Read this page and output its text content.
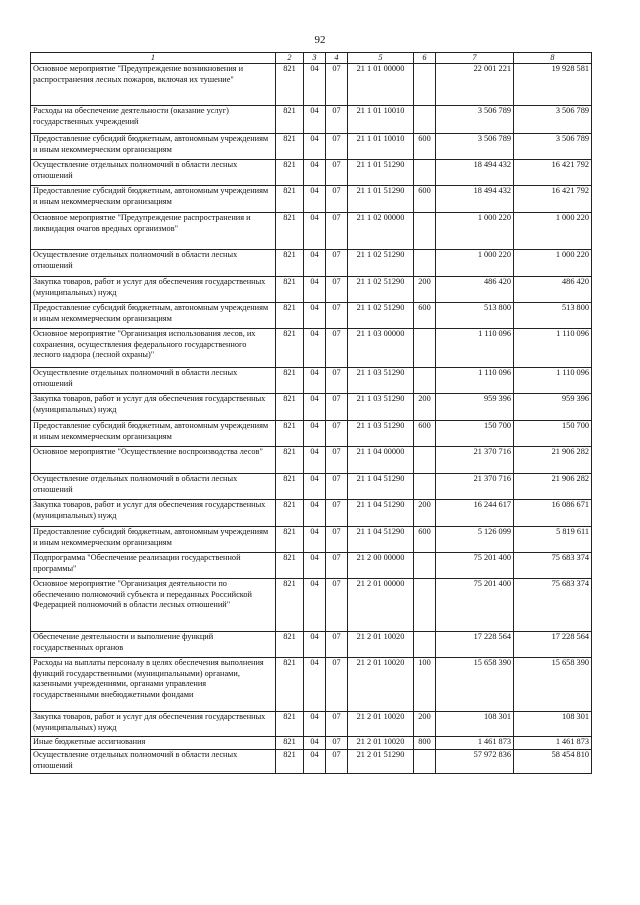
92
1	2	3	4	5	6	7	8
Основное мероприятие "Предупреждение возникновения и распространения лесных пожаров, включая их тушение"	821	04	07	21 1 01 00000		22 001 221	19 928 581
Расходы на обеспечение деятельности (оказание услуг) государственных учреждений	821	04	07	21 1 01 10010		3 506 789	3 506 789
Предоставление субсидий бюджетным, автономным учреждениям и иным некоммерческим организациям	821	04	07	21 1 01 10010	600	3 506 789	3 506 789
Осуществление отдельных полномочий в области лесных отношений	821	04	07	21 1 01 51290		18 494 432	16 421 792
Предоставление субсидий бюджетным, автономным учреждениям и иным некоммерческим организациям	821	04	07	21 1 01 51290	600	18 494 432	16 421 792
Основное мероприятие "Предупреждение распространения и ликвидация очагов вредных организмов"	821	04	07	21 1 02 00000		1 000 220	1 000 220
Осуществление отдельных полномочий в области лесных отношений	821	04	07	21 1 02 51290		1 000 220	1 000 220
Закупка товаров, работ и услуг для обеспечения государственных (муниципальных) нужд	821	04	07	21 1 02 51290	200	486 420	486 420
Предоставление субсидий бюджетным, автономным учреждениям и иным некоммерческим организациям	821	04	07	21 1 02 51290	600	513 800	513 800
Основное мероприятие "Организация использования лесов, их сохранения, осуществления федерального государственного лесного надзора (лесной охраны)"	821	04	07	21 1 03 00000		1 110 096	1 110 096
Осуществление отдельных полномочий в области лесных отношений	821	04	07	21 1 03 51290		1 110 096	1 110 096
Закупка товаров, работ и услуг для обеспечения государственных (муниципальных) нужд	821	04	07	21 1 03 51290	200	959 396	959 396
Предоставление субсидий бюджетным, автономным учреждениям и иным некоммерческим организациям	821	04	07	21 1 03 51290	600	150 700	150 700
Основное мероприятие "Осуществление воспроизводства лесов"	821	04	07	21 1 04 00000		21 370 716	21 906 282
Осуществление отдельных полномочий в области лесных отношений	821	04	07	21 1 04 51290		21 370 716	21 906 282
Закупка товаров, работ и услуг для обеспечения государственных (муниципальных) нужд	821	04	07	21 1 04 51290	200	16 244 617	16 086 671
Предоставление субсидий бюджетным, автономным учреждениям и иным некоммерческим организациям	821	04	07	21 1 04 51290	600	5 126 099	5 819 611
Подпрограмма "Обеспечение реализации государственной программы"	821	04	07	21 2 00 00000		75 201 400	75 683 374
Основное мероприятие "Организация деятельности по обеспечению полномочий субъекта и переданных Российской Федерацией полномочий в области лесных отношений"	821	04	07	21 2 01 00000		75 201 400	75 683 374
Обеспечение деятельности и выполнение функций государственных органов	821	04	07	21 2 01 10020		17 228 564	17 228 564
Расходы на выплаты персоналу в целях обеспечения выполнения функций государственными (муниципальными) органами, казенными учреждениями, органами управления государственными внебюджетными фондами	821	04	07	21 2 01 10020	100	15 658 390	15 658 390
Закупка товаров, работ и услуг для обеспечения государственных (муниципальных) нужд	821	04	07	21 2 01 10020	200	108 301	108 301
Иные бюджетные ассигнования	821	04	07	21 2 01 10020	800	1 461 873	1 461 873
Осуществление отдельных полномочий в области лесных отношений	821	04	07	21 2 01 51290		57 972 836	58 454 810
